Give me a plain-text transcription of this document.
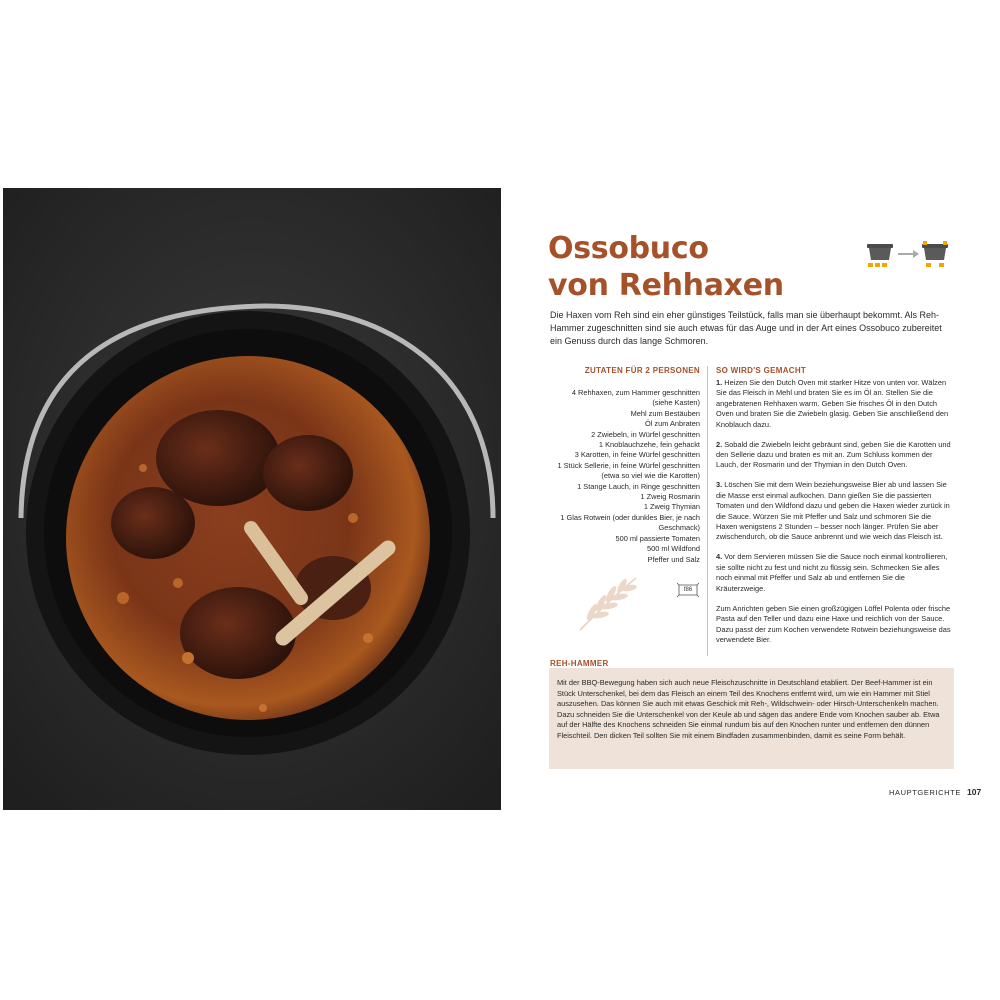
Ossobuco
von Rehhaxen

Die Haxen vom Reh sind ein eher günstiges Teilstück, falls man sie überhaupt bekommt. Als Reh-Hammer zugeschnitten sind sie auch etwas für das Auge und in der Art eines Ossobuco zubereitet ein Genuss durch das lange Schmoren.

ZUTATEN FÜR 2 PERSONEN
4 Rehhaxen, zum Hammer geschnitten
(siehe Kasten)
Mehl zum Bestäuben
Öl zum Anbraten
2 Zwiebeln, in Würfel geschnitten
1 Knoblauchzehe, fein gehackt
3 Karotten, in feine Würfel geschnitten
1 Stück Sellerie, in feine Würfel geschnitten
(etwa so viel wie die Karotten)
1 Stange Lauch, in Ringe geschnitten
1 Zweig Rosmarin
1 Zweig Thymian
1 Glas Rotwein (oder dunkles Bier, je nach
Geschmack)
500 ml passierte Tomaten
500 ml Wildfond
Pfeffer und Salz
f86
SO WIRD'S GEMACHT

1. Heizen Sie den Dutch Oven mit starker Hitze von unten vor. Wälzen Sie das Fleisch in Mehl und braten Sie es im Öl an. Stellen Sie die angebratenen Rehhaxen warm. Geben Sie frisches Öl in den Dutch Oven und braten Sie die Zwiebeln glasig. Geben Sie anschließend den Knoblauch dazu.

2. Sobald die Zwiebeln leicht gebräunt sind, geben Sie die Karotten und den Sellerie dazu und braten es mit an. Zum Schluss kommen der Lauch, der Rosmarin und der Thymian in den Dutch Oven.

3. Löschen Sie mit dem Wein beziehungsweise Bier ab und lassen Sie die Masse erst einmal aufkochen. Dann gießen Sie die passierten Tomaten und den Wildfond dazu und geben die Haxen wieder zurück in die Sauce. Würzen Sie mit Pfeffer und Salz und schmoren Sie die Haxen wenigstens 2 Stunden – besser noch länger. Prüfen Sie aber zwischendurch, ob die Sauce anbrennt und wie weich das Fleisch ist.

4. Vor dem Servieren müssen Sie die Sauce noch einmal kontrollieren, sie sollte nicht zu fest und nicht zu flüssig sein. Schmecken Sie alles noch einmal mit Pfeffer und Salz ab und entfernen Sie die Kräuterzweige.

Zum Anrichten geben Sie einen großzügigen Löffel Polenta oder frische Pasta auf den Teller und dazu eine Haxe und reichlich von der Sauce. Dazu passt der zum Kochen verwendete Rotwein beziehungsweise das verwendete Bier.

REH-HAMMER

Mit der BBQ-Bewegung haben sich auch neue Fleischzuschnitte in Deutschland etabliert. Der Beef-Hammer ist ein Stück Unterschenkel, bei dem das Fleisch an einem Teil des Knochens entfernt wird, um wie ein Hammer mit Stiel auszusehen. Das können Sie auch mit etwas Geschick mit Reh-, Wildschwein- oder Hirsch-Unterschenkeln machen. Dazu schneiden Sie die Unterschenkel von der Keule ab und sägen das andere Ende vom Knochen sauber ab. Etwa auf der Hälfte des Knochens schneiden Sie einmal rundum bis auf den Knochen runter und entfernen den dünnen Fleischteil. Den dicken Teil sollten Sie mit einem Bindfaden zusammenbinden, damit es seine Form behält.

HAUPTGERICHTE 107
